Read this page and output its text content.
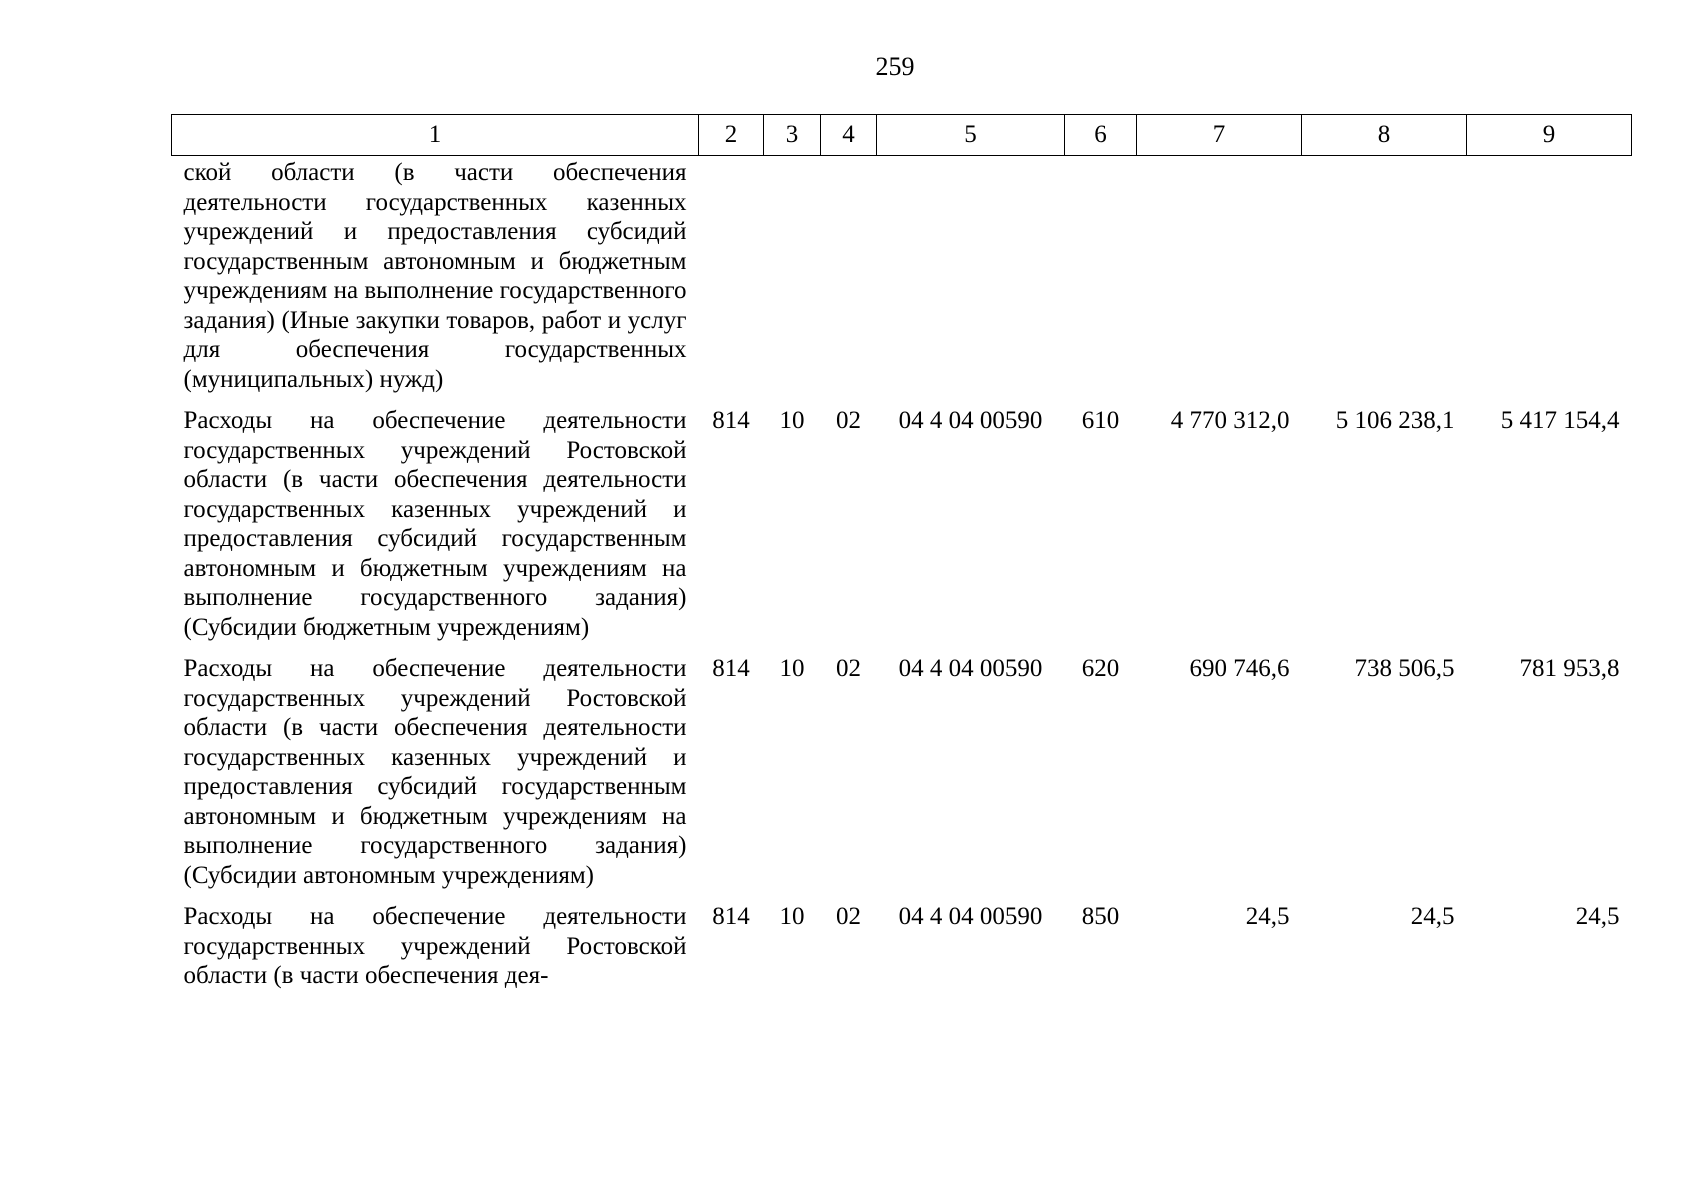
259
1	2	3	4	5	6	7	8	9
ской области (в части обеспечения деятельности государственных казенных учреждений и предоставления субсидий государственным автономным и бюджетным учреждениям на выполнение государственного задания) (Иные закупки товаров, работ и услуг для обеспечения государственных (муниципальных) нужд)								
Расходы на обеспечение деятельности государственных учреждений Ростовской области (в части обеспечения деятельности государственных казенных учреждений и предоставления субсидий государственным автономным и бюджетным учреждениям на выполнение государственного задания) (Субсидии бюджетным учреждениям)	814	10	02	04 4 04 00590	610	4 770 312,0	5 106 238,1	5 417 154,4
Расходы на обеспечение деятельности государственных учреждений Ростовской области (в части обеспечения деятельности государственных казенных учреждений и предоставления субсидий государственным автономным и бюджетным учреждениям на выполнение государственного задания) (Субсидии автономным учреждениям)	814	10	02	04 4 04 00590	620	690 746,6	738 506,5	781 953,8
Расходы на обеспечение деятельности государственных учреждений Ростовской области (в части обеспечения дея-	814	10	02	04 4 04 00590	850	24,5	24,5	24,5
